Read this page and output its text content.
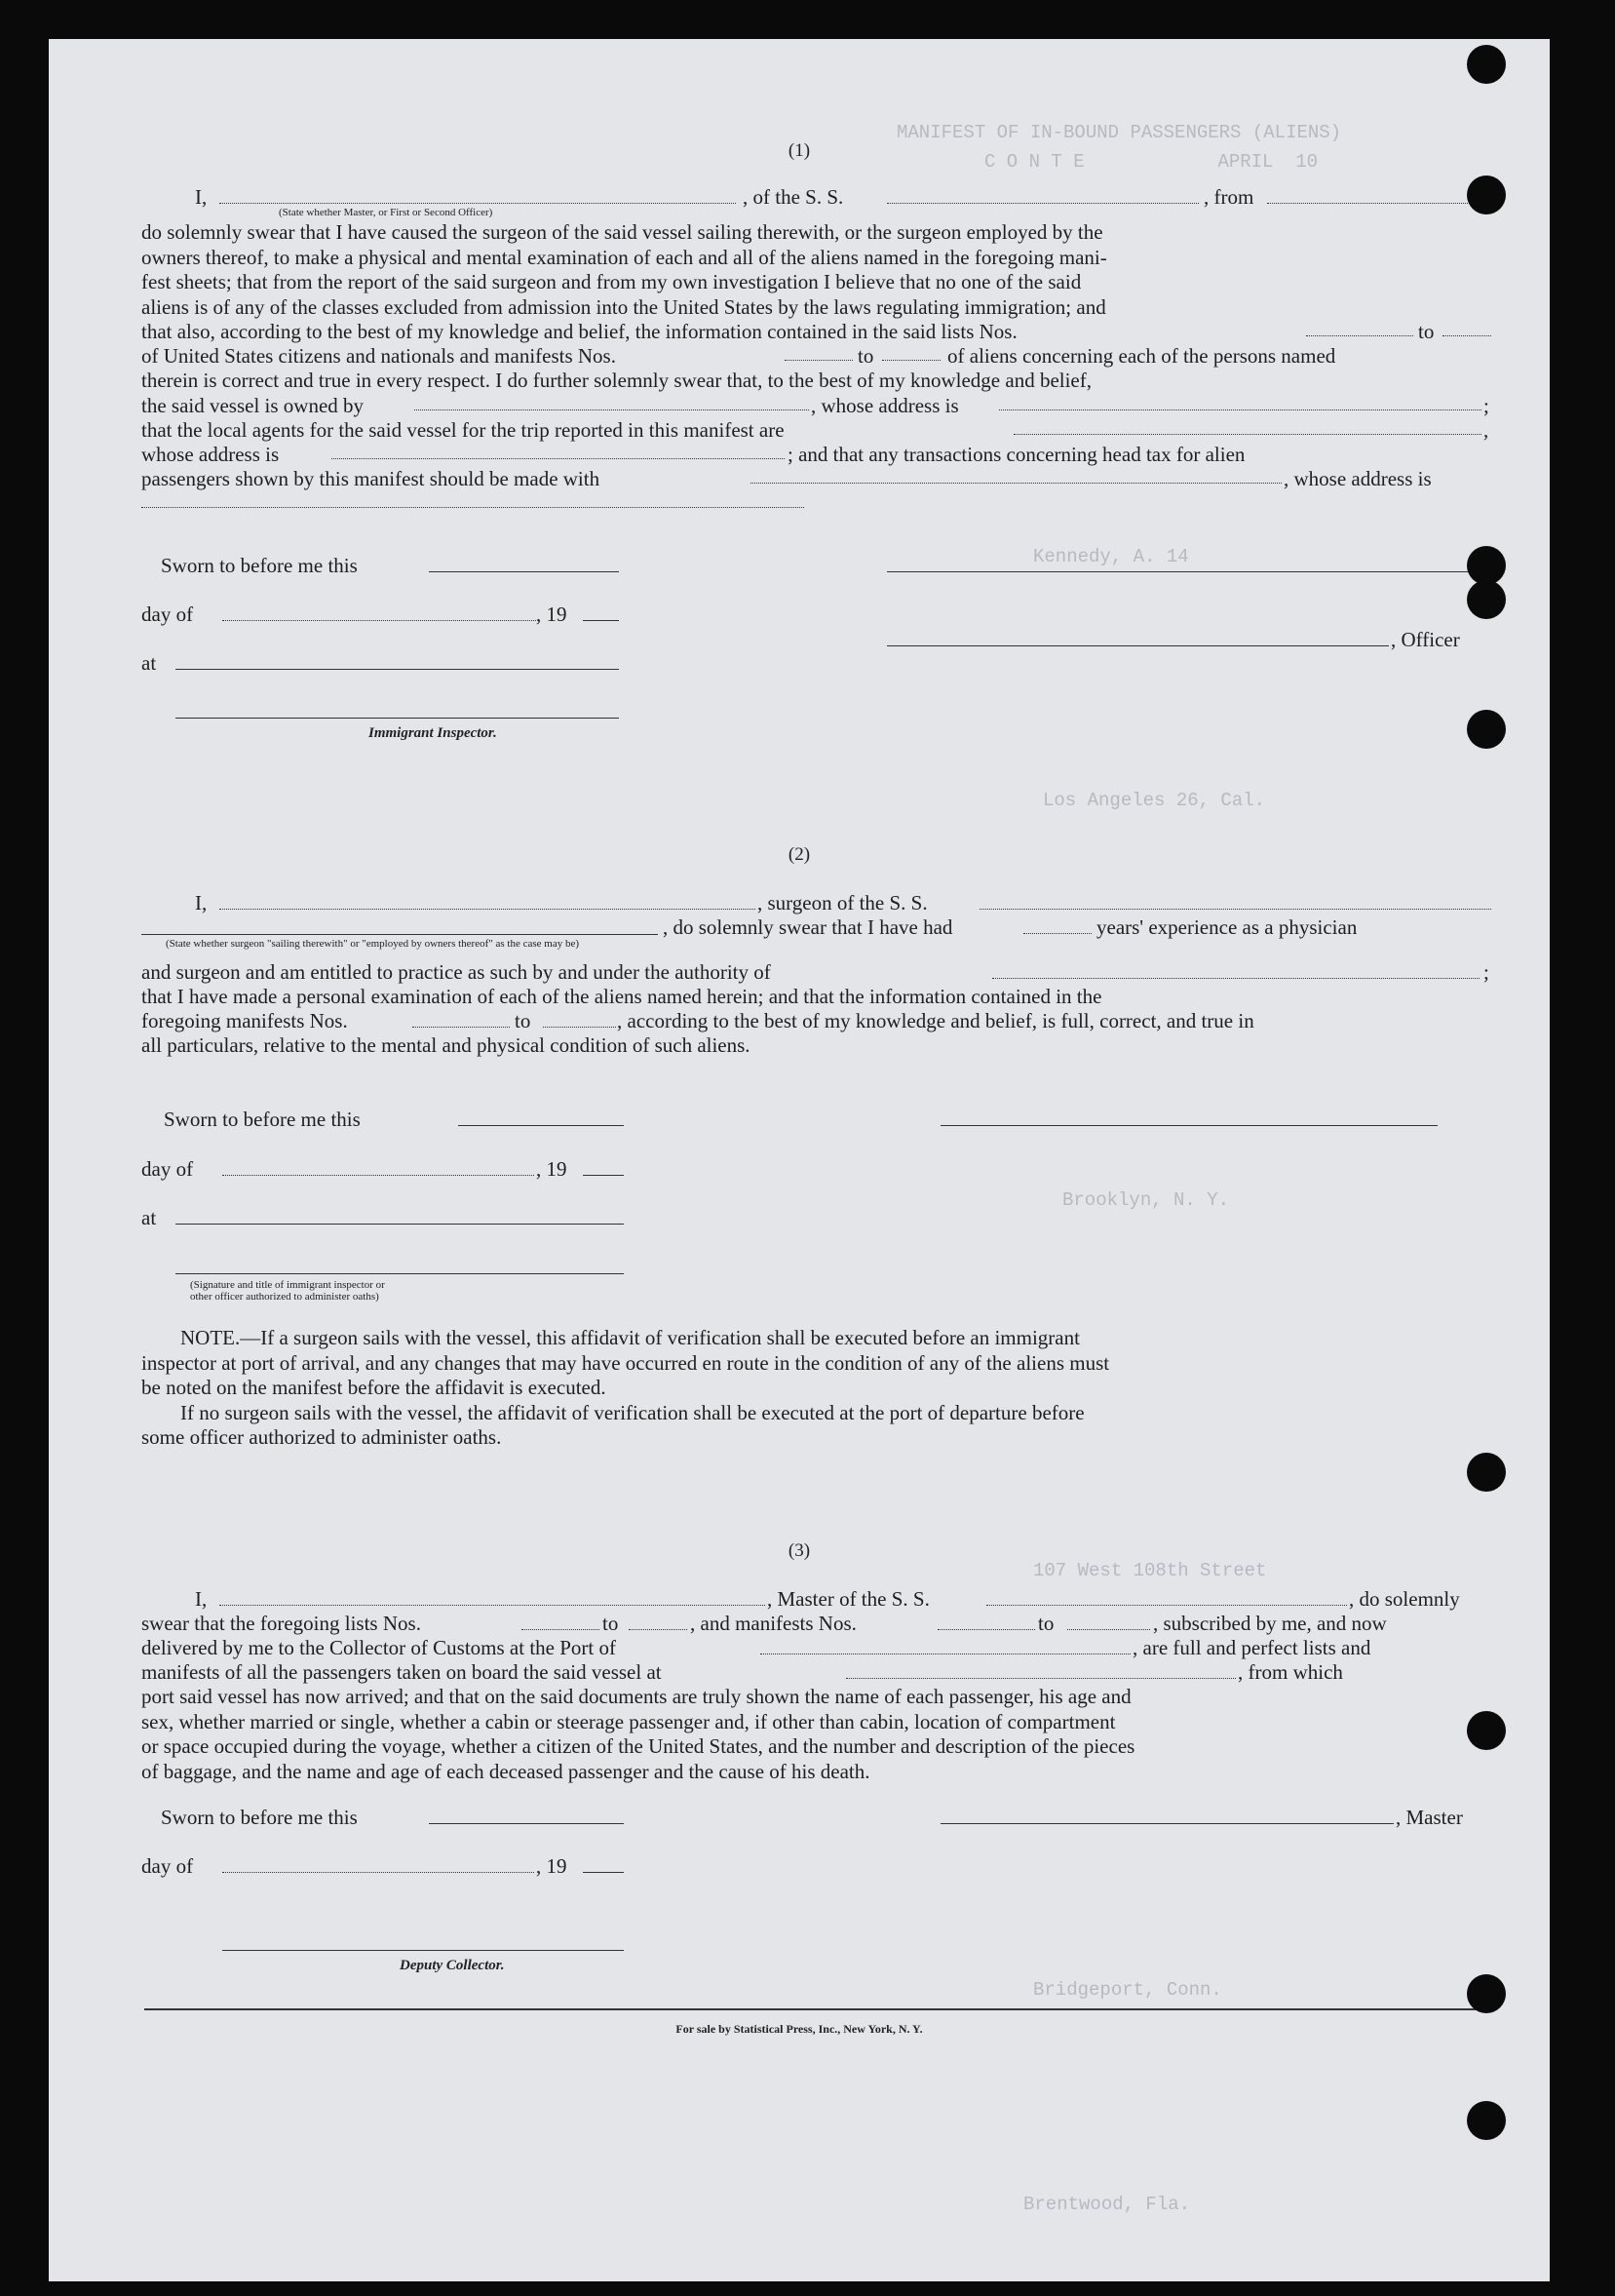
MANIFEST OF IN-BOUND PASSENGERS (ALIENS)
C O N T E            APRIL  10
Kennedy, A. 14
Los Angeles 26, Cal.
Brooklyn, N. Y.
107 West 108th Street
Bridgeport, Conn.
Brentwood, Fla.
(1)
I,	, of the S. S.	, from
(State whether Master, or First or Second Officer)

do solemnly swear that I have caused the surgeon of the said vessel sailing therewith, or the surgeon employed by the

owners thereof, to make a physical and mental examination of each and all of the aliens named in the foregoing mani-

fest sheets; that from the report of the said surgeon and from my own investigation I believe that no one of the said

aliens is of any of the classes excluded from admission into the United States by the laws regulating immigration; and

that also, according to the best of my knowledge and belief, the information contained in the said lists Nos.	to
of United States citizens and nationals and manifests Nos.	to	of aliens concerning each of the persons named
therein is correct and true in every respect. I do further solemnly swear that, to the best of my knowledge and belief,
the said vessel is owned by	, whose address is	;
that the local agents for the said vessel for the trip reported in this manifest are	,
whose address is	; and that any transactions concerning head tax for alien
passengers shown by this manifest should be made with	, whose address is
Sworn to before me this
day of	, 19
at
Immigrant Inspector.
, Officer
(2)
I,	, surgeon of the S. S.
, do solemnly swear that I have had	years' experience as a physician
(State whether surgeon "sailing therewith" or "employed by owners thereof" as the case may be)
and surgeon and am entitled to practice as such by and under the authority of	;
that I have made a personal examination of each of the aliens named herein; and that the information contained in the
foregoing manifests Nos.	to	, according to the best of my knowledge and belief, is full, correct, and true in
all particulars, relative to the mental and physical condition of such aliens.
Sworn to before me this
day of	, 19
at
(Signature and title of immigrant inspector or
other officer authorized to administer oaths)

NOTE.—If a surgeon sails with the vessel, this affidavit of verification shall be executed before an immigrant

inspector at port of arrival, and any changes that may have occurred en route in the condition of any of the aliens must

be noted on the manifest before the affidavit is executed.

If no surgeon sails with the vessel, the affidavit of verification shall be executed at the port of departure before

some officer authorized to administer oaths.

(3)
I,	, Master of the S. S.	, do solemnly
swear that the foregoing lists Nos.	to	, and manifests Nos.	to	, subscribed by me, and now
delivered by me to the Collector of Customs at the Port of	, are full and perfect lists and
manifests of all the passengers taken on board the said vessel at	, from which

port said vessel has now arrived; and that on the said documents are truly shown the name of each passenger, his age and

sex, whether married or single, whether a cabin or steerage passenger and, if other than cabin, location of compartment

or space occupied during the voyage, whether a citizen of the United States, and the number and description of the pieces

of baggage, and the name and age of each deceased passenger and the cause of his death.

Sworn to before me this	, Master
day of	, 19
Deputy Collector.
For sale by Statistical Press, Inc., New York, N. Y.
